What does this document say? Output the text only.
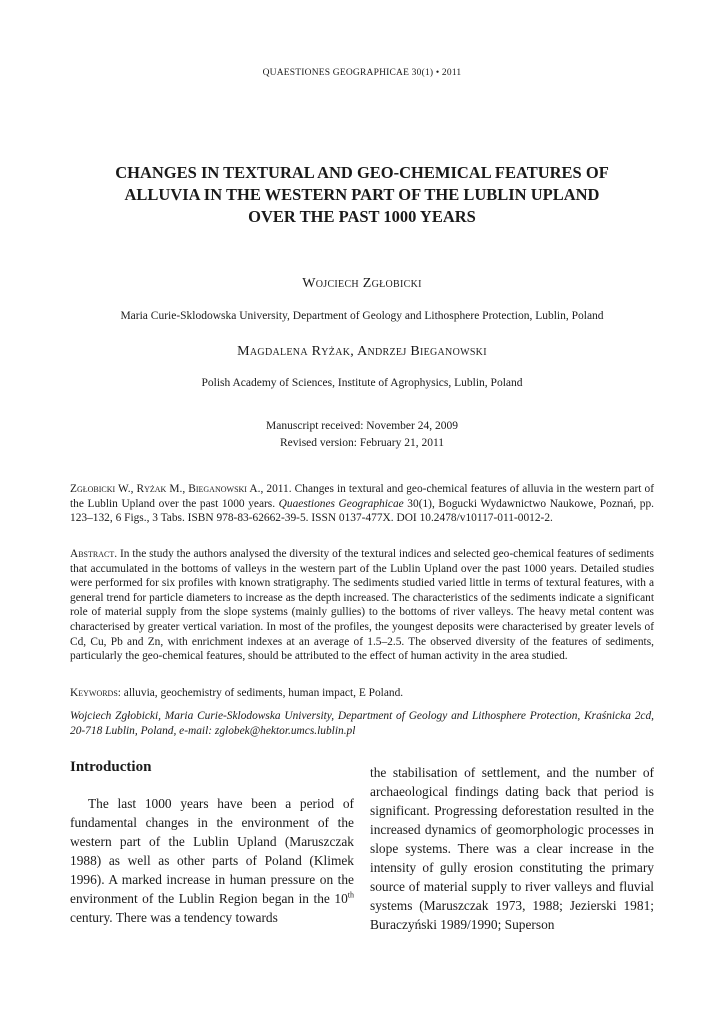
QUAESTIONES GEOGRAPHICAE 30(1) • 2011
CHANGES IN TEXTURAL AND GEO-CHEMICAL FEATURES OF
ALLUVIA IN THE WESTERN PART OF THE LUBLIN UPLAND
OVER THE PAST 1000 YEARS
Wojciech Zgłobicki
Maria Curie-Sklodowska University, Department of Geology and Lithosphere Protection, Lublin, Poland
Magdalena Ryżak, Andrzej Bieganowski
Polish Academy of Sciences, Institute of Agrophysics, Lublin, Poland
Manuscript received: November 24, 2009
Revised version: February 21, 2011

Zgłobicki W., Ryżak M., Bieganowski A., 2011. Changes in textural and geo-chemical features of alluvia in the western part of the Lublin Upland over the past 1000 years. Quaestiones Geographicae 30(1), Bogucki Wydawnictwo Naukowe, Poznań, pp. 123–132, 6 Figs., 3 Tabs. ISBN 978-83-62662-39-5. ISSN 0137-477X. DOI 10.2478/v10117-011-0012-2.

Abstract. In the study the authors analysed the diversity of the textural indices and selected geo-chemical features of sediments that accumulated in the bottoms of valleys in the western part of the Lublin Upland over the past 1000 years. Detailed studies were performed for six profiles with known stratigraphy. The sediments studied varied little in terms of textural features, with a general trend for particle diameters to increase as the depth increased. The characteristics of the sediments indicate a significant role of material supply from the slope systems (mainly gullies) to the bottoms of river valleys. The heavy metal content was characterised by greater vertical variation. In most of the profiles, the youngest deposits were characterised by greater levels of Cd, Cu, Pb and Zn, with enrichment indexes at an average of 1.5–2.5. The observed diversity of the features of sediments, particularly the geo-chemical features, should be attributed to the effect of human activity in the area studied.

Keywords: alluvia, geochemistry of sediments, human impact, E Poland.

Wojciech Zgłobicki, Maria Curie-Sklodowska University, Department of Geology and Lithosphere Protection, Kraśnicka 2cd, 20-718 Lublin, Poland, e-mail: zglobek@hektor.umcs.lublin.pl

Introduction

The last 1000 years have been a period of fundamental changes in the environment of the western part of the Lublin Upland (Maruszczak 1988) as well as other parts of Poland (Klimek 1996). A marked increase in human pressure on the environment of the Lublin Region began in the 10th century. There was a tendency towards

the stabilisation of settlement, and the number of archaeological findings dating back that period is significant. Progressing deforestation resulted in the increased dynamics of geomorphologic processes in slope systems. There was a clear increase in the intensity of gully erosion constituting the primary source of material supply to river valleys and fluvial systems (Maruszczak 1973, 1988; Jezierski 1981; Buraczyński 1989/1990; Superson
